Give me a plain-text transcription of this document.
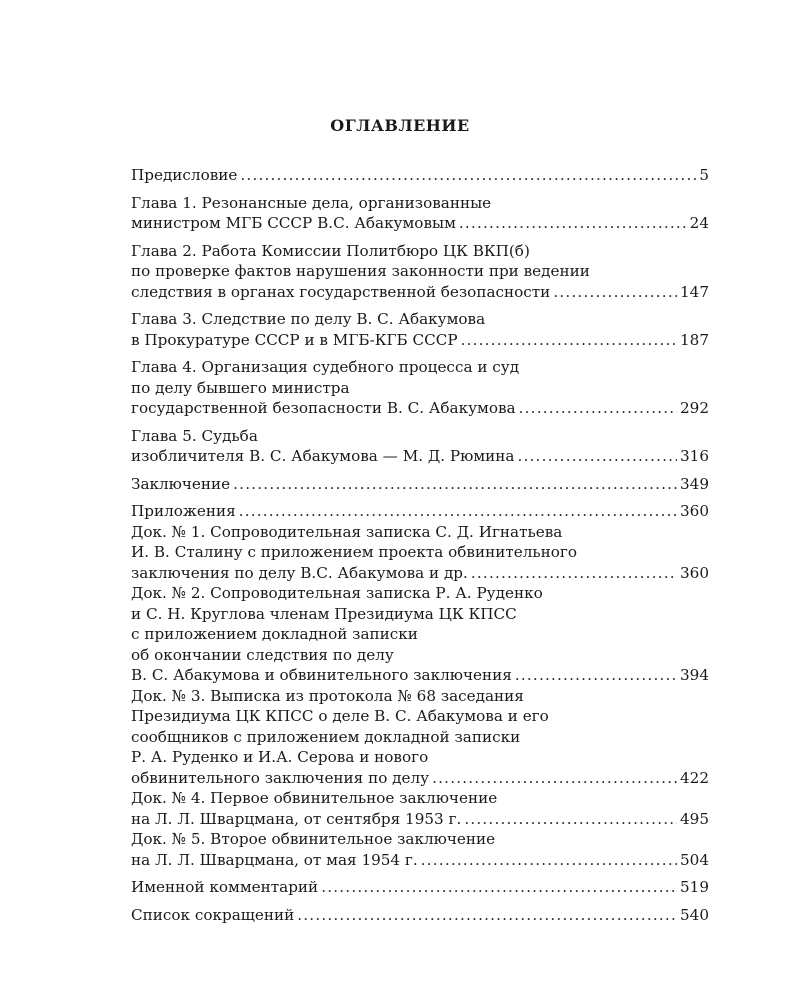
ОГЛАВЛЕНИЕ
Предисловие .....	5
Глава 1. Резонансные дела, организованные
министром МГБ СССР В.С. Абакумовым .....	24
Глава 2. Работа Комиссии Политбюро ЦК ВКП(б)
по проверке фактов нарушения законности при ведении
следствия в органах государственной безопасности .....	147
Глава 3. Следствие по делу В. С. Абакумова
в Прокуратуре СССР и в МГБ-КГБ СССР .....	187
Глава 4. Организация судебного процесса и суд
по делу бывшего министра
государственной безопасности В. С. Абакумова .....	292
Глава 5. Судьба
изобличителя В. С. Абакумова — М. Д. Рюмина .....	316
Заключение .....	349
Приложения .....	360
Док. № 1. Сопроводительная записка С. Д. Игнатьева
И. В. Сталину с приложением проекта обвинительного
заключения по делу В.С. Абакумова и др. .....	360
Док. № 2. Сопроводительная записка Р. А. Руденко
и С. Н. Круглова членам Президиума ЦК КПСС
с приложением докладной записки
об окончании следствия по делу
В. С. Абакумова и обвинительного заключения .....	394
Док. № 3. Выписка из протокола № 68 заседания
Президиума ЦК КПСС о деле В. С. Абакумова и его
сообщников с приложением докладной записки
Р. А. Руденко и И.А. Серова и нового
обвинительного заключения по делу .....	422
Док. № 4. Первое обвинительное заключение
на Л. Л. Шварцмана, от сентября 1953 г. .....	495
Док. № 5. Второе обвинительное заключение
на Л. Л. Шварцмана, от мая 1954 г. .....	504
Именной комментарий .....	519
Список сокращений .....	540
